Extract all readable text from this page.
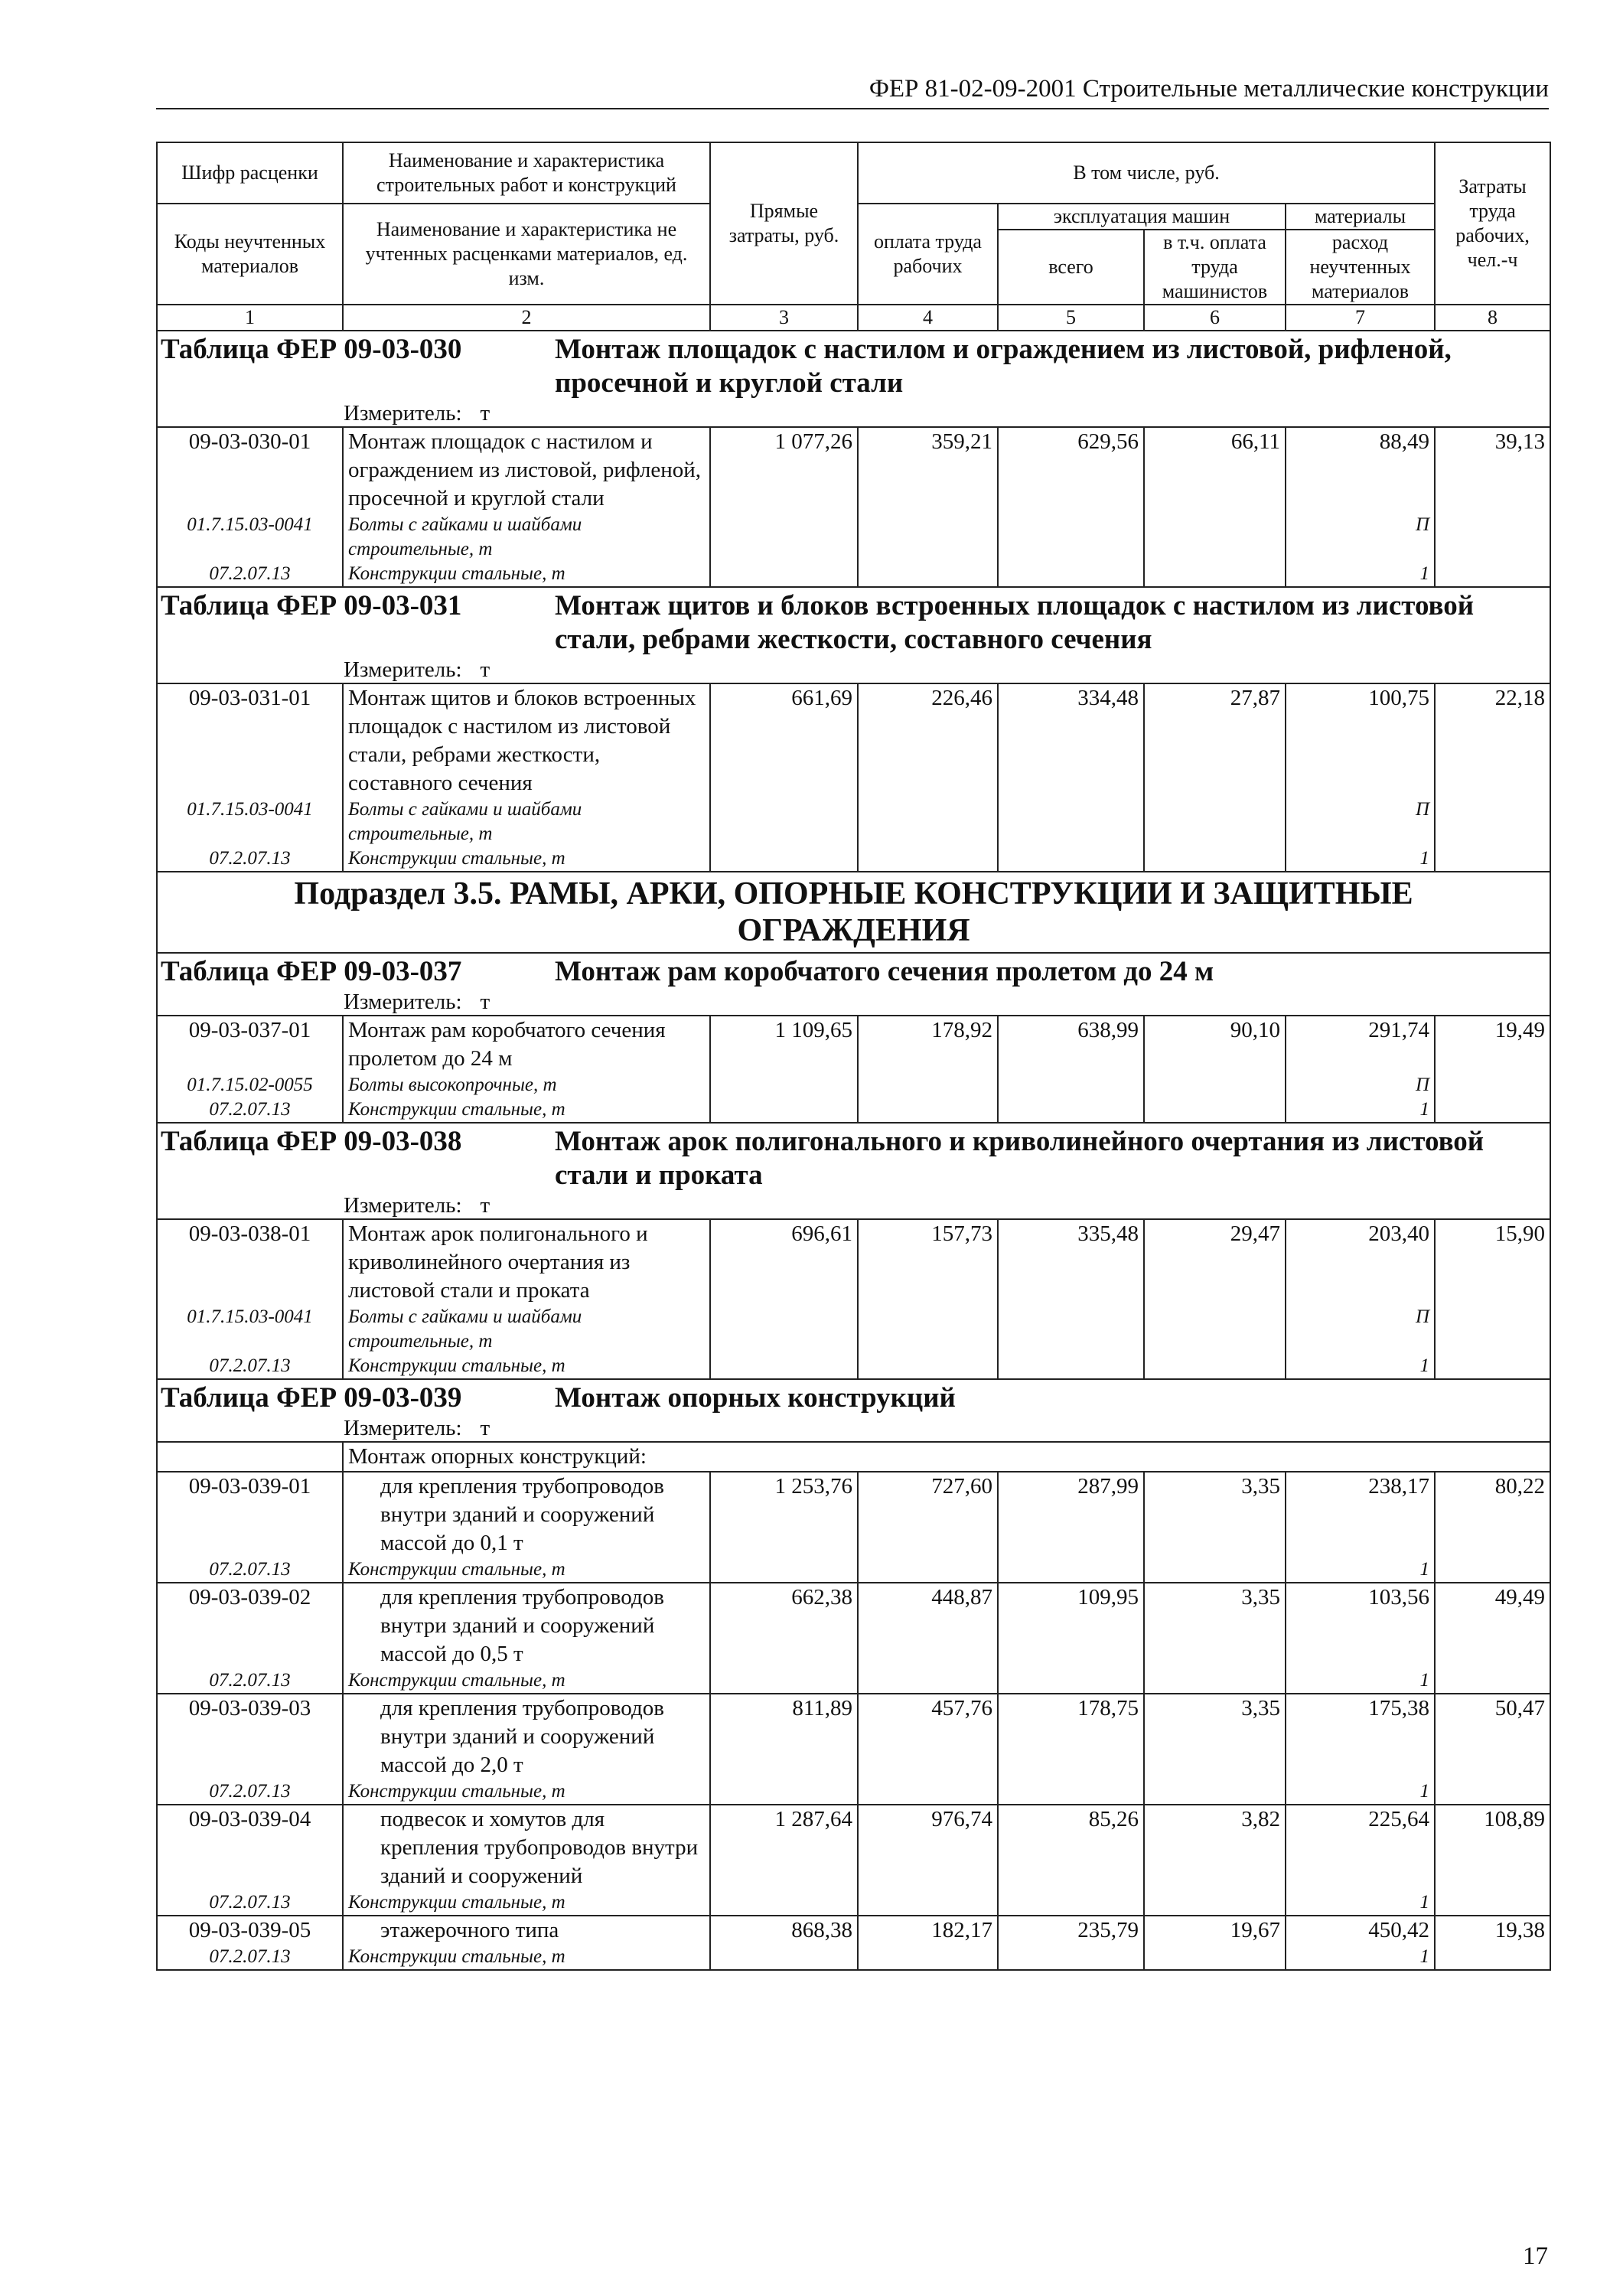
ФЕР 81-02-09-2001 Строительные металлические конструкции
Шифр расценки	Наименование и характеристика строительных работ и конструкций	Прямые затраты, руб.	В том числе, руб.				Затраты труда рабочих, чел.-ч
Коды неучтенных материалов	Наименование и характеристика не учтенных расценками материалов, ед. изм.		оплата труда рабочих	эксплуатация машин		материалы	
				всего	в т.ч. оплата труда машинистов	расход неучтенных материалов	

1	2	3	4	5	6	7	8
Таблица ФЕР 09-03-030 Монтаж площадок с настилом и ограждением из листовой, рифленой, просечной и круглой стали
Измеритель: т							

09-03-030-01	Монтаж площадок с настилом и ограждением из листовой, рифленой, просечной и круглой стали	1 077,26	359,21	629,56	66,11	88,49	39,13
01.7.15.03-0041	Болты с гайками и шайбами строительные, т					П	
07.2.07.13	Конструкции стальные, т					1	
Таблица ФЕР 09-03-031 Монтаж щитов и блоков встроенных площадок с настилом из листовой стали, ребрами жесткости, составного сечения
Измеритель: т							

09-03-031-01	Монтаж щитов и блоков встроенных площадок с настилом из листовой стали, ребрами жесткости, составного сечения	661,69	226,46	334,48	27,87	100,75	22,18
01.7.15.03-0041	Болты с гайками и шайбами строительные, т					П	
07.2.07.13	Конструкции стальные, т					1	
Подраздел 3.5. РАМЫ, АРКИ, ОПОРНЫЕ КОНСТРУКЦИИ И ЗАЩИТНЫЕ ОГРАЖДЕНИЯ							
Таблица ФЕР 09-03-037 Монтаж рам коробчатого сечения пролетом до 24 м
Измеритель: т							

09-03-037-01	Монтаж рам коробчатого сечения пролетом до 24 м	1 109,65	178,92	638,99	90,10	291,74	19,49
01.7.15.02-0055	Болты высокопрочные, т					П	
07.2.07.13	Конструкции стальные, т					1	
Таблица ФЕР 09-03-038 Монтаж арок полигонального и криволинейного очертания из листовой стали и проката
Измеритель: т							

09-03-038-01	Монтаж арок полигонального и криволинейного очертания из листовой стали и проката	696,61	157,73	335,48	29,47	203,40	15,90
01.7.15.03-0041	Болты с гайками и шайбами строительные, т					П	
07.2.07.13	Конструкции стальные, т					1	
Таблица ФЕР 09-03-039 Монтаж опорных конструкций
Измеритель: т							

	Монтаж опорных конструкций:						
09-03-039-01	для крепления трубопроводов внутри зданий и сооружений массой до 0,1 т	1 253,76	727,60	287,99	3,35	238,17	80,22
07.2.07.13	Конструкции стальные, т					1	
09-03-039-02	для крепления трубопроводов внутри зданий и сооружений массой до 0,5 т	662,38	448,87	109,95	3,35	103,56	49,49
07.2.07.13	Конструкции стальные, т					1	
09-03-039-03	для крепления трубопроводов внутри зданий и сооружений массой до 2,0 т	811,89	457,76	178,75	3,35	175,38	50,47
07.2.07.13	Конструкции стальные, т					1	
09-03-039-04	подвесок и хомутов для крепления трубопроводов внутри зданий и сооружений	1 287,64	976,74	85,26	3,82	225,64	108,89
07.2.07.13	Конструкции стальные, т					1	
09-03-039-05	этажерочного типа	868,38	182,17	235,79	19,67	450,42	19,38
07.2.07.13	Конструкции стальные, т					1	
17
